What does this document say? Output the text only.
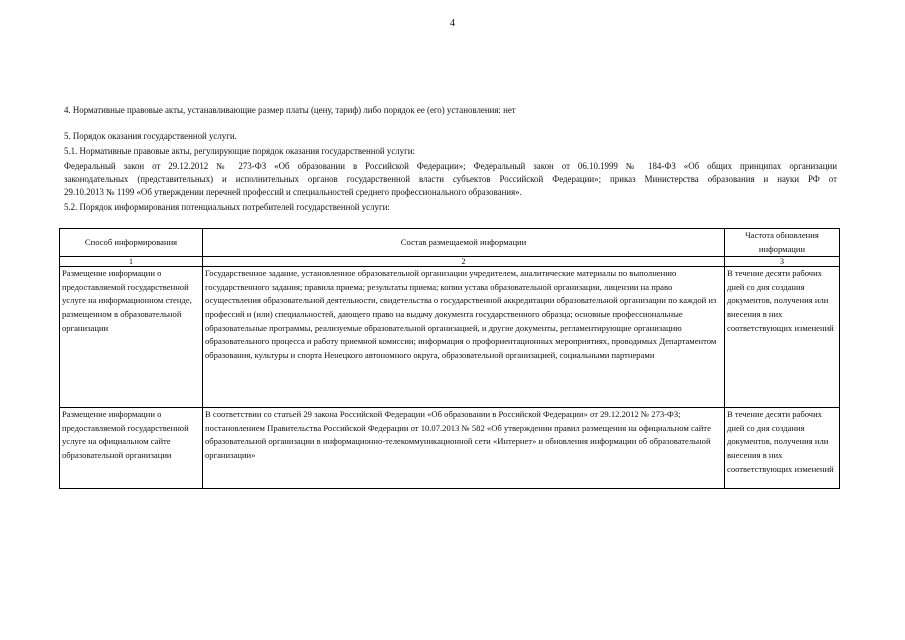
4
4. Нормативные правовые акты, устанавливающие размер платы (цену, тариф) либо порядок ее (его) установления: нет
5. Порядок оказания государственной услуги.
5.1. Нормативные правовые акты, регулирующие порядок оказания государственной услуги:
Федеральный закон от 29.12.2012 № 273-ФЗ «Об образовании в Российской Федерации»; Федеральный закон от 06.10.1999 № 184-ФЗ «Об общих принципах организации
законодательных (представительных) и исполнительных органов государственной власти субъектов Российской Федерации»; приказ Министерства образования и науки РФ от
29.10.2013 № 1199 «Об утверждении перечней профессий и специальностей среднего профессионального образования».
5.2. Порядок информирования потенциальных потребителей государственной услуги:
Способ информирования	Состав размещаемой информации	Частота обновления информации
1	2	3
Размещение информации о предоставляемой государственной услуге на информационном стенде, размещенном в образовательной организации	Государственное задание, установленное образовательной организации учредителем, аналитические материалы по выполнению государственного задания; правила приема; результаты приема; копии устава образовательной организации, лицензии на право осуществления образовательной деятельности, свидетельства о государственной аккредитации образовательной организации по каждой из профессий и (или) специальностей, дающего право на выдачу документа государственного образца; основные профессиональные образовательные программы, реализуемые образовательной организацией, и другие документы, регламентирующие организацию образовательного процесса и работу приемной комиссии; информация о профориентационных мероприятиях, проводимых Департаментом образования, культуры и спорта Ненецкого автономного округа, образовательной организацией, социальными партнерами	В течение десяти рабочих дней со дня создания документов, получения или внесения в них соответствующих изменений
Размещение информации о предоставляемой государственной услуге на официальном сайте образовательной организации	В соответствии со статьей 29 закона Российской Федерации «Об образовании в Российской Федерации» от 29.12.2012 № 273-ФЗ; постановлением Правительства Российской Федерации от 10.07.2013 № 582 «Об утверждении правил размещения на официальном сайте образовательной организации в информационно-телекоммуникационной сети «Интернет» и обновления информации об образовательной организации»	В течение десяти рабочих дней со дня создания документов, получения или внесения в них соответствующих изменений
